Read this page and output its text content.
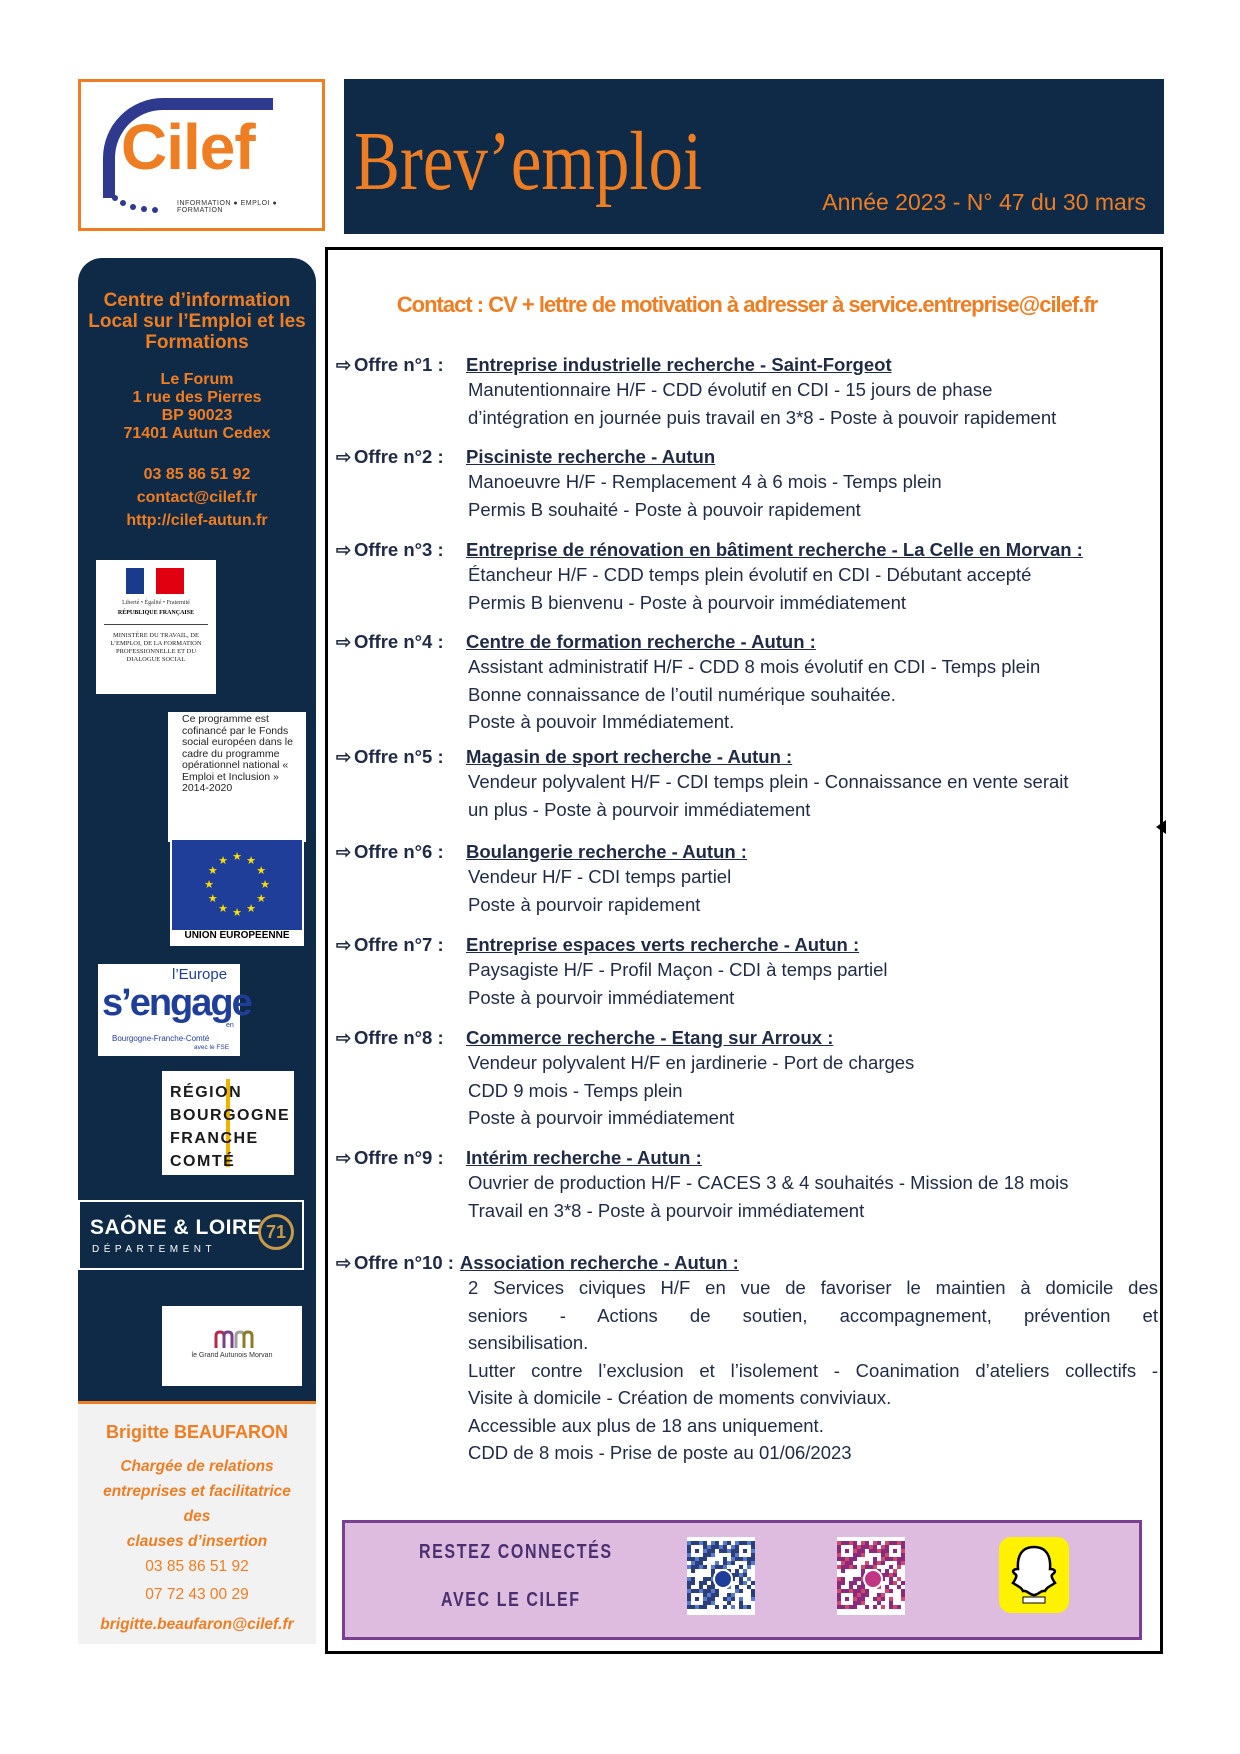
Cilef
INFORMATION ● EMPLOI ● FORMATION
Brev’emploi	Année 2023 - N° 47 du 30 mars
Centre d’information Local sur l’Emploi et les Formations
Le Forum
1 rue des Pierres
BP 90023
71401 Autun Cedex
03 85 86 51 92
contact@cilef.fr
http://cilef-autun.fr
Liberté • Égalité • Fraternité
RÉPUBLIQUE FRANÇAISE
MINISTÈRE DU TRAVAIL, DE L’EMPLOI, DE LA FORMATION PROFESSIONNELLE ET DU DIALOGUE SOCIAL
Ce programme est cofinancé par le Fonds social européen dans le cadre du programme opérationnel national « Emploi et Inclusion » 2014-2020
★ ★
★
★
★
★
★
★
★
★
★
★
UNION EUROPEENNE
l’Europe
s’engage
en
Bourgogne-Franche-Comté
avec le FSE
RÉGION
BOURGOGNE
FRANCHE
COMTÉ
SAÔNE & LOIRE
DÉPARTEMENT
71
le Grand Autunois Morvan
Brigitte BEAUFARON
Chargée de relations
entreprises et facilitatrice
des
clauses d’insertion
03 85 86 51 92
07 72 43 00 29
brigitte.beaufaron@cilef.fr
Contact : CV + lettre de motivation à adresser à service.entreprise@cilef.fr
⇨ Offre n°1 : Entreprise industrielle recherche - Saint-Forgeot
Manutentionnaire H/F - CDD évolutif en CDI - 15 jours de phase
d’intégration en journée puis travail en 3*8 - Poste à pouvoir rapidement
⇨ Offre n°2 : Pisciniste recherche - Autun
Manoeuvre H/F - Remplacement 4 à 6 mois - Temps plein
Permis B souhaité - Poste à pouvoir rapidement
⇨ Offre n°3 : Entreprise de rénovation en bâtiment recherche - La Celle en Morvan :
Étancheur H/F - CDD temps plein évolutif en CDI - Débutant accepté
Permis B bienvenu - Poste à pourvoir immédiatement
⇨ Offre n°4 : Centre de formation recherche - Autun :
Assistant administratif H/F - CDD 8 mois évolutif en CDI - Temps plein
Bonne connaissance de l’outil numérique souhaitée.
Poste à pouvoir Immédiatement.
⇨ Offre n°5 : Magasin de sport recherche - Autun :
Vendeur polyvalent H/F - CDI temps plein - Connaissance en vente serait
un plus - Poste à pourvoir immédiatement
⇨ Offre n°6 : Boulangerie recherche - Autun :
Vendeur H/F - CDI temps partiel
Poste à pourvoir rapidement
⇨ Offre n°7 : Entreprise espaces verts recherche - Autun :
Paysagiste H/F - Profil Maçon - CDI à temps partiel
Poste à pourvoir immédiatement
⇨ Offre n°8 : Commerce recherche - Etang sur Arroux :
Vendeur polyvalent H/F en jardinerie - Port de charges
CDD 9 mois - Temps plein
Poste à pourvoir immédiatement
⇨ Offre n°9 : Intérim recherche - Autun :
Ouvrier de production H/F - CACES 3 & 4 souhaités - Mission de 18 mois
Travail en 3*8 - Poste à pourvoir immédiatement
⇨ Offre n°10 : Association recherche - Autun :
2 Services civiques H/F en vue de favoriser le maintien à domicile des
seniors - Actions de soutien, accompagnement, prévention et
sensibilisation.
Lutter contre l’exclusion et l’isolement - Coanimation d’ateliers collectifs -
Visite à domicile - Création de moments conviviaux.
Accessible aux plus de 18 ans uniquement.
CDD de 8 mois - Prise de poste au 01/06/2023
RESTEZ CONNECTÉS
AVEC LE CILEF
